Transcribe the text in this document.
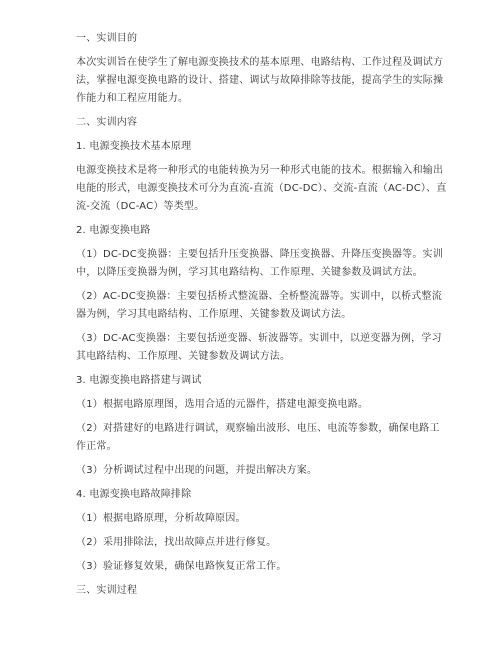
一、实训目的
本次实训旨在使学生了解电源变换技术的基本原理、电路结构、工作过程及调试方
法，掌握电源变换电路的设计、搭建、调试与故障排除等技能，提高学生的实际操
作能力和工程应用能力。
二、实训内容
1. 电源变换技术基本原理
电源变换技术是将一种形式的电能转换为另一种形式电能的技术。根据输入和输出
电能的形式，电源变换技术可分为直流-直流（DC-DC）、交流-直流（AC-DC）、直
流-交流（DC-AC）等类型。
2. 电源变换电路
（1）DC-DC变换器：主要包括升压变换器、降压变换器、升降压变换器等。实训
中，以降压变换器为例，学习其电路结构、工作原理、关键参数及调试方法。
（2）AC-DC变换器：主要包括桥式整流器、全桥整流器等。实训中，以桥式整流
器为例，学习其电路结构、工作原理、关键参数及调试方法。
（3）DC-AC变换器：主要包括逆变器、斩波器等。实训中，以逆变器为例，学习
其电路结构、工作原理、关键参数及调试方法。
3. 电源变换电路搭建与调试
（1）根据电路原理图，选用合适的元器件，搭建电源变换电路。
（2）对搭建好的电路进行调试，观察输出波形、电压、电流等参数，确保电路工
作正常。
（3）分析调试过程中出现的问题，并提出解决方案。
4. 电源变换电路故障排除
（1）根据电路原理，分析故障原因。
（2）采用排除法，找出故障点并进行修复。
（3）验证修复效果，确保电路恢复正常工作。
三、实训过程
